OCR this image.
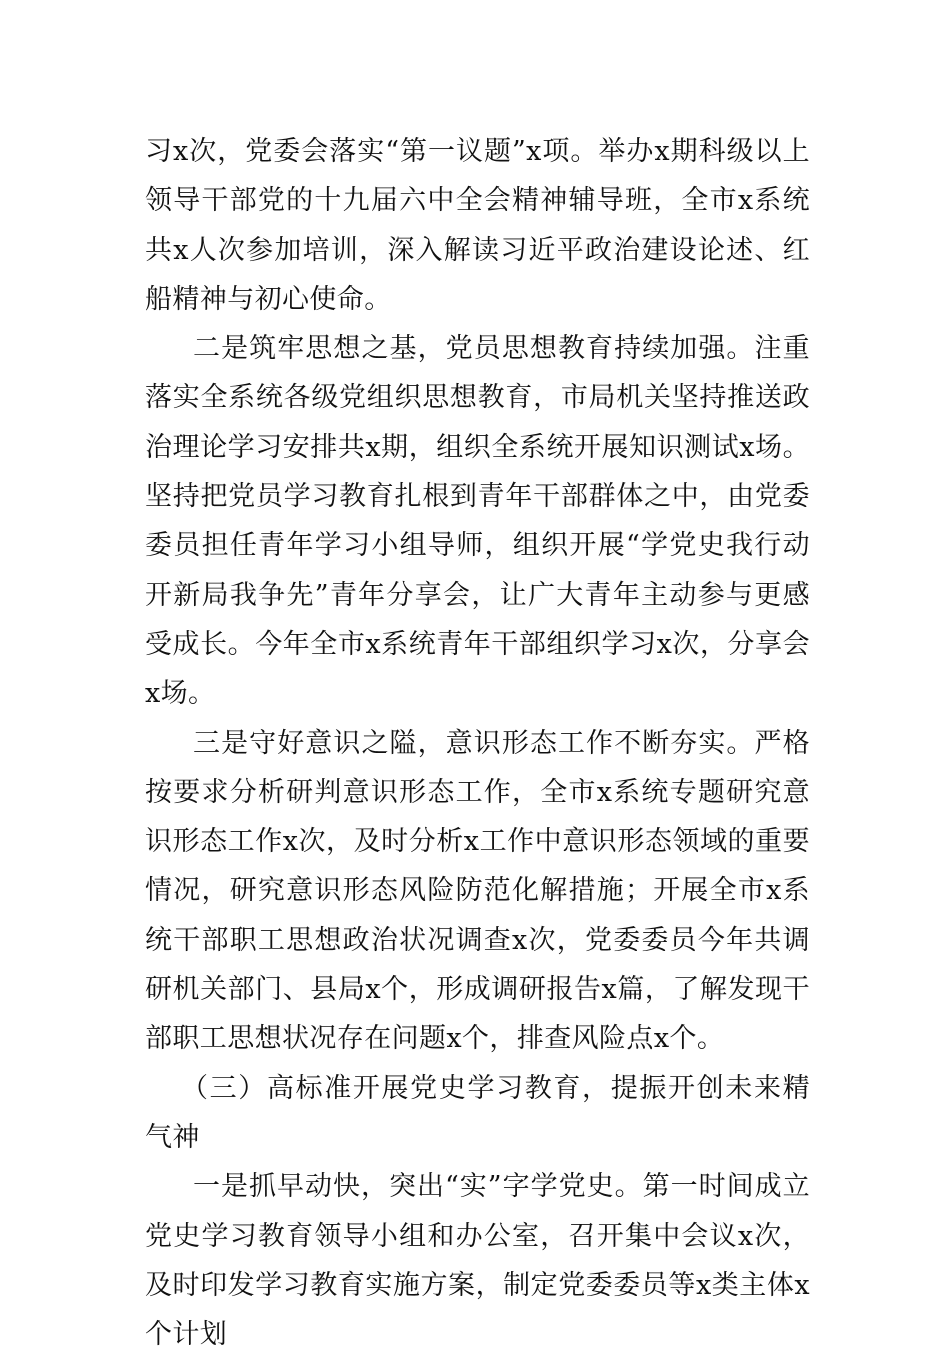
习x次，党委会落实“第一议题”x项。举办x期科级以上领导干部党的十九届六中全会精神辅导班，全市x系统共x人次参加培训，深入解读习近平政治建设论述、红船精神与初心使命。

二是筑牢思想之基，党员思想教育持续加强。注重落实全系统各级党组织思想教育，市局机关坚持推送政治理论学习安排共x期，组织全系统开展知识测试x场。坚持把党员学习教育扎根到青年干部群体之中，由党委委员担任青年学习小组导师，组织开展“学党史我行动 开新局我争先”青年分享会，让广大青年主动参与更感受成长。今年全市x系统青年干部组织学习x次，分享会x场。

三是守好意识之隘，意识形态工作不断夯实。严格按要求分析研判意识形态工作，全市x系统专题研究意识形态工作x次，及时分析x工作中意识形态领域的重要情况，研究意识形态风险防范化解措施；开展全市x系统干部职工思想政治状况调查x次，党委委员今年共调研机关部门、县局x个，形成调研报告x篇，了解发现干部职工思想状况存在问题x个，排查风险点x个。

（三）高标准开展党史学习教育，提振开创未来精气神

一是抓早动快，突出“实”字学党史。第一时间成立党史学习教育领导小组和办公室，召开集中会议x次，及时印发学习教育实施方案，制定党委委员等x类主体x个计划
